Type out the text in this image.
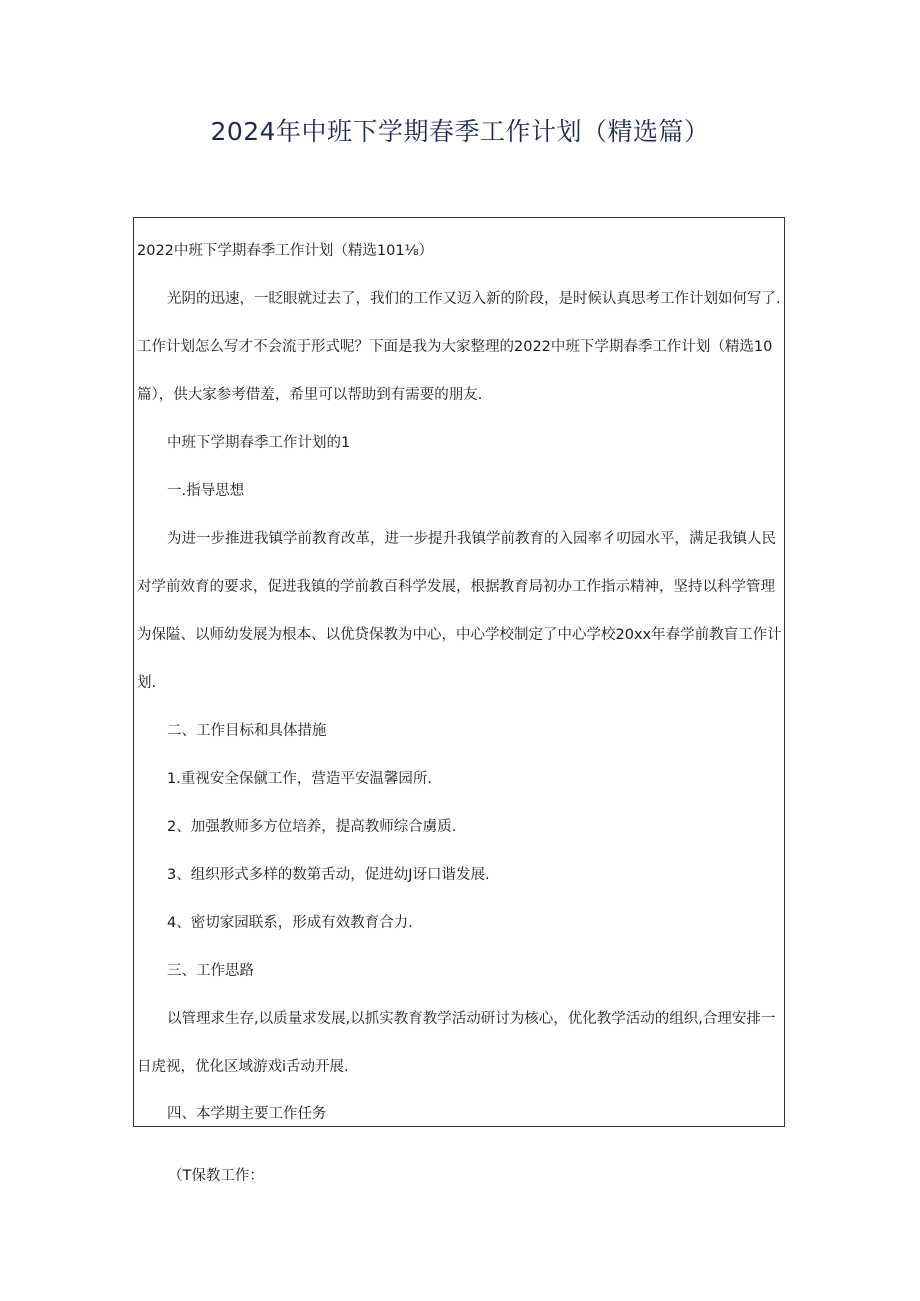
2024年中班下学期春季工作计划（精选篇）
2022中班下学期春季工作计划（精选101⅛）
光阴的迅速，一眨眼就过去了，我们的工作又迈入新的阶段，是时候认真思考工作计划如何写了.
工作计划怎么写才不会流于形式呢？下面是我为大家整理的2022中班下学期春季工作计划（精选10
篇），供大家参考借羞，希里可以帮助到有需要的朋友.
中班下学期春季工作计划的1
一.指导思想
为进一步推进我镇学前教育改革，进一步提升我镇学前教育的入园率彳叨园水平，满足我镇人民
对学前效育的要求，促进我镇的学前教百科学发展，根据教育局初办工作指示精神，坚持以科学管理
为保隘、以师幼发展为根本、以优贷保教为中心，中心学校制定了中心学校20xx年春学前教盲工作计
划.
二、工作目标和具体措施
1.重视安全保僦工作，营造平安温馨园所.
2、加强教师多方位培养，提高教师综合虜质.
3、组织形式多样的数第舌动，促进幼J讶口谐发展.
4、密切家园联系，形成有效教育合力.
三、工作思路
以管理求生存,以质量求发展,以抓实教育教学活动研讨为核心，优化教学活动的组织,合理安排一
日虎视，优化区域游戏i舌动开展.
四、本学期主要工作任务
（T保教工作：
